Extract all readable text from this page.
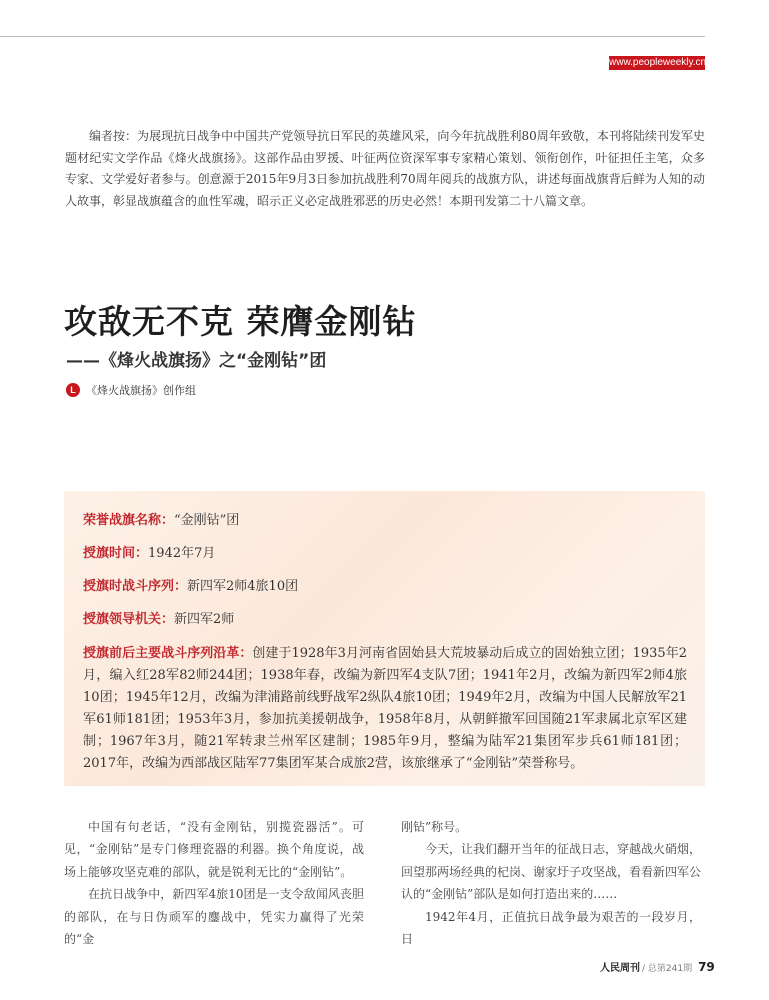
www.peopleweekly.cn

编者按：为展现抗日战争中中国共产党领导抗日军民的英雄风采，向今年抗战胜利80周年致敬，本刊将陆续刊发军史题材纪实文学作品《烽火战旗扬》。这部作品由罗援、叶征两位资深军事专家精心策划、领衔创作，叶征担任主笔，众多专家、文学爱好者参与。创意源于2015年9月3日参加抗战胜利70周年阅兵的战旗方队，讲述每面战旗背后鲜为人知的动人故事，彰显战旗蕴含的血性军魂，昭示正义必定战胜邪恶的历史必然！本期刊发第二十八篇文章。

攻敌无不克 荣膺金刚钻
——《烽火战旗扬》之“金刚钻”团
L 《烽火战旗扬》创作组
荣誉战旗名称：“金刚钻”团
授旗时间：1942年7月
授旗时战斗序列：新四军2师4旅10团
授旗领导机关：新四军2师

授旗前后主要战斗序列沿革：创建于1928年3月河南省固始县大荒坡暴动后成立的固始独立团；1935年2月，编入红28军82师244团；1938年春，改编为新四军4支队7团；1941年2月，改编为新四军2师4旅10团；1945年12月，改编为津浦路前线野战军2纵队4旅10团；1949年2月，改编为中国人民解放军21军61师181团；1953年3月，参加抗美援朝战争，1958年8月，从朝鲜撤军回国随21军隶属北京军区建制；1967年3月，随21军转隶兰州军区建制；1985年9月，整编为陆军21集团军步兵61师181团；2017年，改编为西部战区陆军77集团军某合成旅2营，该旅继承了“金刚钻”荣誉称号。

中国有句老话，“没有金刚钻，别揽瓷器活”。可见，“金刚钻”是专门修理瓷器的利器。换个角度说，战场上能够攻坚克难的部队，就是锐利无比的“金刚钻”。

在抗日战争中，新四军4旅10团是一支令敌闻风丧胆的部队，在与日伪顽军的鏖战中，凭实力赢得了光荣的“金

刚钻”称号。

今天，让我们翻开当年的征战日志，穿越战火硝烟，回望那两场经典的杞岗、谢家圩子攻坚战，看看新四军公认的“金刚钻”部队是如何打造出来的……

1942年4月，正值抗日战争最为艰苦的一段岁月，日

人民周刊 / 总第241期 79
